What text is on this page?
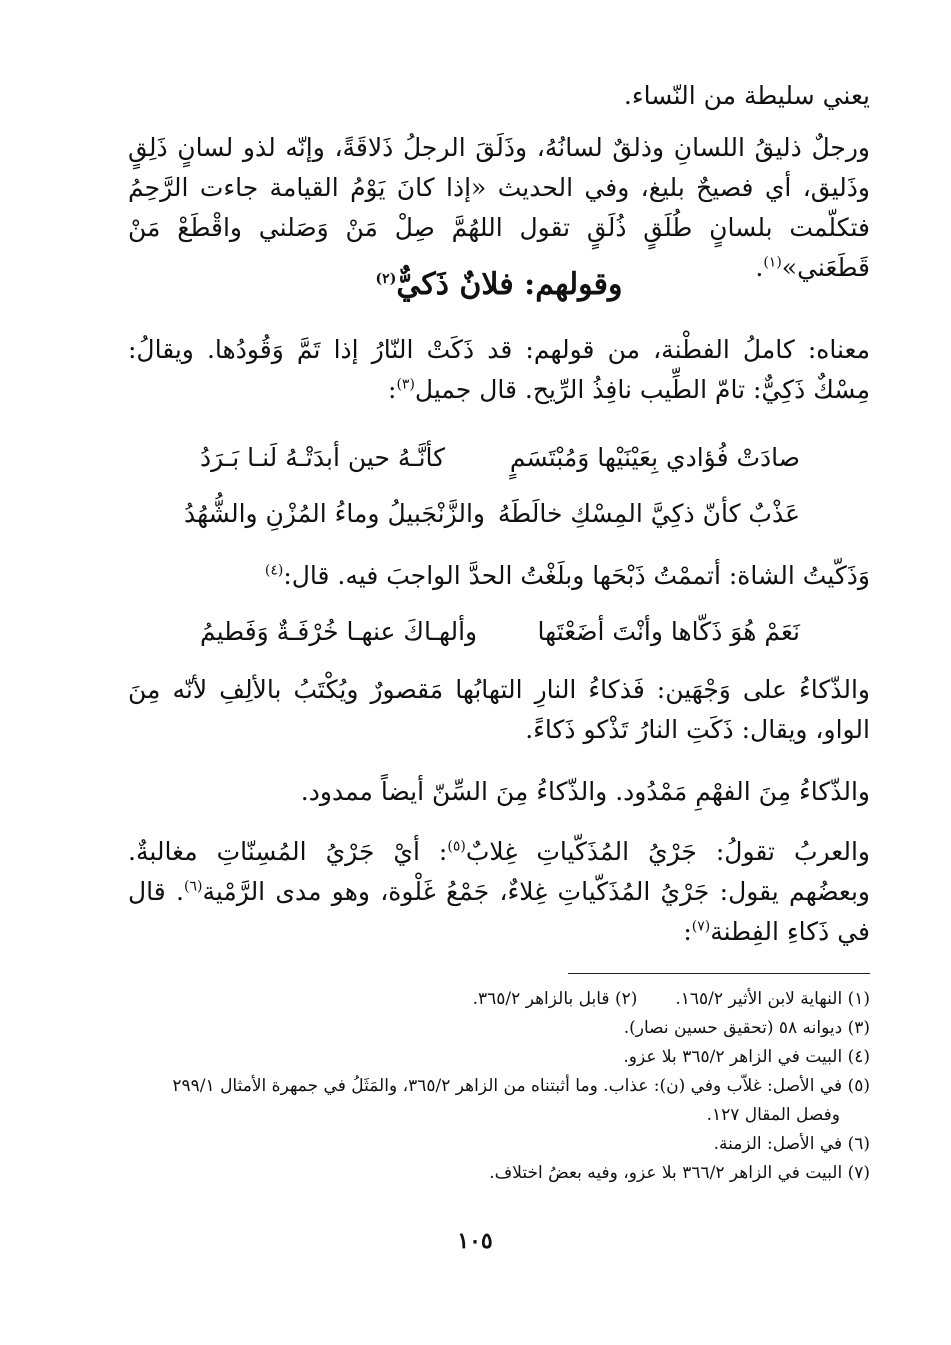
يعني سليطة من النّساء.

ورجلٌ ذليقُ اللسانِ وذلقٌ لسانُهُ، وذَلَقَ الرجلُ ذَلاقَةً، وإنّه لذو لسانٍ ذَلِقٍ وذَليق، أي فصيحٌ بليغ، وفي الحديث «إذا كانَ يَوْمُ القيامة جاءت الرَّحِمُ فتكلّمت بلسانٍ طُلَقٍ ذُلَقٍ تقول اللهُمَّ صِلْ مَنْ وَصَلني واقْطَعْ مَنْ قَطَعَني»$^{(١)}$.

وقولهم: فلانٌ ذَكيٌّ$^{(٢)}$

معناه: كاملُ الفطْنة، من قولهم: قد ذَكَتْ النّارُ إذا تَمَّ وَقُودُها. ويقالُ: مِسْكٌ ذَكِيٌّ: تامّ الطِّيب نافِذُ الرِّيح. قال جميل$^{(٣)}$:

صادَتْ فُؤادي بِعَيْنَيْها وَمُبْتَسَمٍ
كأنَّـهُ حين أبدَتْـهُ لَنـا بَـرَدُ
عَذْبٌ كأنّ ذكِيَّ المِسْكِ خالَطَهُ
والزَّنْجَبيلُ وماءُ المُزْنِ والشُّهُدُ

وَذَكّيتُ الشاة: أتممْتُ ذَبْحَها وبلَغْتُ الحدَّ الواجبَ فيه. قال:$^{(٤)}$

نَعَمْ هُوَ ذَكّاها وأنْتَ أضَعْتَها
وألهـاكَ عنهـا خُرْفَـةٌ وَفَطيمُ

والذّكاءُ على وَجْهَين: فَذكاءُ النارِ التهابُها مَقصورٌ ويُكْتَبُ بالألِفِ لأنّه مِنَ الواو، ويقال: ذَكَتِ النارُ تَذْكو ذَكاءً.

والذّكاءُ مِنَ الفهْمِ مَمْدُود. والذّكاءُ مِنَ السِّنّ أيضاً ممدود.

والعربُ تقولُ: جَرْيُ المُذَكّياتِ غِلابٌ$^{(٥)}$: أيْ جَرْيُ المُسِنّاتِ مغالبةٌ. وبعضُهم يقول: جَرْيُ المُذَكّياتِ غِلاءٌ، جَمْعُ غَلْوة، وهو مدى الرَّمْية$^{(٦)}$. قال في ذَكاءِ الفِطنة$^{(٧)}$:

(١) النهاية لابن الأثير ١٦٥/٢.
(٢) قابل بالزاهر ٣٦٥/٢.

(٣) ديوانه ٥٨ (تحقيق حسين نصار).

(٤) البيت في الزاهر ٣٦٥/٢ بلا عزو.

(٥) في الأصل: غلاّب وفي (ن): عذاب. وما أثبتناه من الزاهر ٣٦٥/٢، والمَثَلُ في جمهرة الأمثال ٢٩٩/١

وفصل المقال ١٢٧.

(٦) في الأصل: الزمنة.

(٧) البيت في الزاهر ٣٦٦/٢ بلا عزو، وفيه بعضُ اختلاف.

١٠٥
